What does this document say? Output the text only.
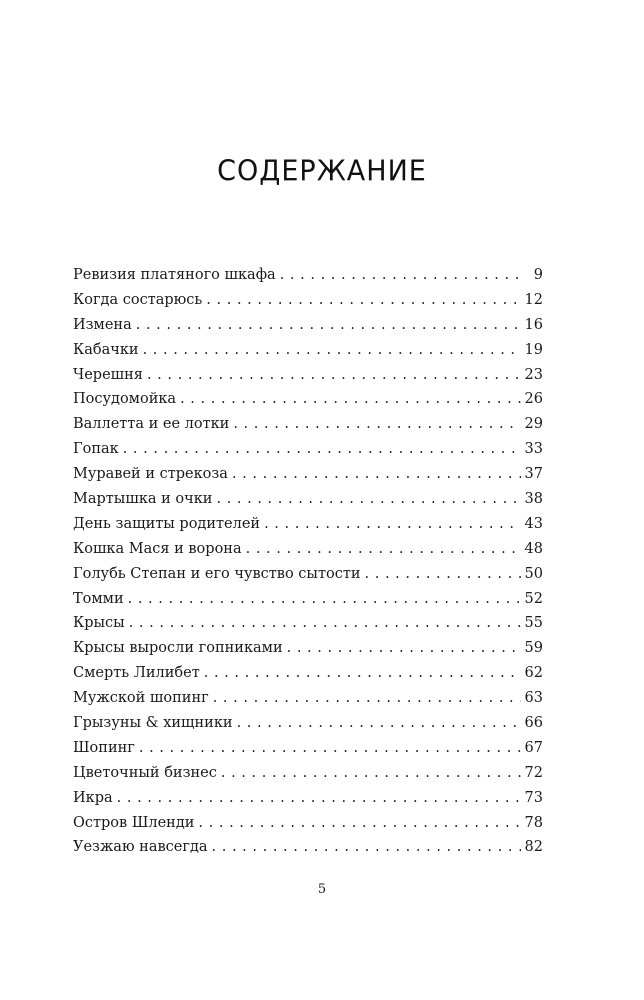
СОДЕРЖАНИЕ
Ревизия платяного шкафа . . .	9
Когда состарюсь . . .	12
Измена . . .	16
Кабачки . . .	19
Черешня . . .	23
Посудомойка . . .	26
Валлетта и ее лотки . . .	29
Гопак . . .	33
Муравей и стрекоза . . .	37
Мартышка и очки . . .	38
День защиты родителей . . .	43
Кошка Мася и ворона . . .	48
Голубь Степан и его чувство сытости . . .	50
Томми . . .	52
Крысы . . .	55
Крысы выросли гопниками . . .	59
Смерть Лилибет . . .	62
Мужской шопинг . . .	63
Грызуны & хищники . . .	66
Шопинг . . .	67
Цветочный бизнес . . .	72
Икра . . .	73
Остров Шленди . . .	78
Уезжаю навсегда . . .	82
5
